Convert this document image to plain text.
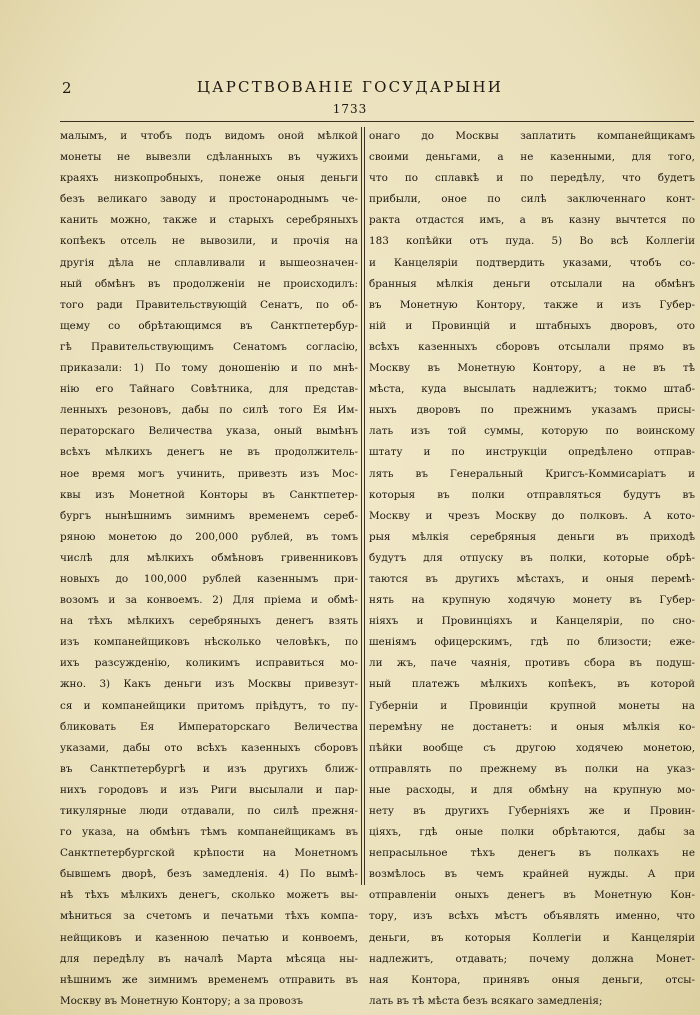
2	ЦАРСТВОВАНІЕ ГОСУДАРЫНИ
1733
малымъ, и чтобъ подъ видомъ оной мѣлкой
монеты не вывезли сдѣланныхъ въ чужихъ
краяхъ низкопробныхъ, понеже оныя деньги
безъ великаго заводу и простонароднымъ че-
канить можно, также и старыхъ серебряныхъ
копѣекъ отсель не вывозили, и прочія на
другія дѣла не сплавливали и вышеозначен-
ный обмѣнъ въ продолженіи не происходилъ:
того ради Правительствующій Сенатъ, по об-
щему со обрѣтающимся въ Санктпетербур-
гѣ Правительствующимъ Сенатомъ согласію,
приказали: 1) По тому доношенію и по мнѣ-
нію его Тайнаго Совѣтника, для представ-
ленныхъ резоновъ, дабы по силѣ того Ея Им-
ператорскаго Величества указа, оный вымѣнъ
всѣхъ мѣлкихъ денегъ не въ продолжитель-
ное время могъ учинить, привезть изъ Мос-
квы изъ Монетной Конторы въ Санктпетер-
бургъ нынѣшнимъ зимнимъ временемъ сереб-
ряною монетою до 200,000 рублей, въ томъ
числѣ для мѣлкихъ обмѣновъ гривенниковъ
новыхъ до 100,000 рублей казеннымъ при-
возомъ и за конвоемъ. 2) Для пріема и обмѣ-
на тѣхъ мѣлкихъ серебряныхъ денегъ взять
изъ компанейщиковъ нѣсколько человѣкъ, по
ихъ разсужденію, коликимъ исправиться мо-
жно. 3) Какъ деньги изъ Москвы привезут-
ся и компанейщики притомъ прiѣдутъ, то пу-
бликовать Ея Императорскаго Величества
указами, дабы ото всѣхъ казенныхъ сборовъ
въ Санктпетербургѣ и изъ другихъ ближ-
нихъ городовъ и изъ Риги высылали и пар-
тикулярные люди отдавали, по силѣ прежня-
го указа, на обмѣнъ тѣмъ компанейщикамъ въ
Санктпетербургской крѣпости на Монетномъ
бывшемъ дворѣ, безъ замедленія. 4) По вымѣ-
нѣ тѣхъ мѣлкихъ денегъ, сколько можетъ вы-
мѣниться за счетомъ и печатьми тѣхъ компа-
нейщиковъ и казенною печатью и конвоемъ,
для передѣлу въ началѣ Марта мѣсяца ны-
нѣшнимъ же зимнимъ временемъ отправить въ
Москву въ Монетную Контору; а за провозъ
онаго до Москвы заплатить компанейщикамъ
своими деньгами, а не казенными, для того,
что по сплавкѣ и по передѣлу, что будетъ
прибыли, оное по силѣ заключеннаго конт-
ракта отдастся имъ, а въ казну вычтется по
183 копѣйки отъ пуда. 5) Во всѣ Коллегіи
и Канцелярiи подтвердить указами, чтобъ со-
бранныя мѣлкія деньги отсылали на обмѣнъ
въ Монетную Контору, также и изъ Губер-
ній и Провинцій и штабныхъ дворовъ, ото
всѣхъ казенныхъ сборовъ отсылали прямо въ
Москву въ Монетную Контору, а не въ тѣ
мѣста, куда высылать надлежитъ; токмо штаб-
ныхъ дворовъ по прежнимъ указамъ присы-
лать изъ той суммы, которую по воинскому
штату и по инструкціи опредѣлено отправ-
лять въ Генеральный Кригсъ-Коммисаріатъ и
которыя въ полки отправляться будутъ въ
Москву и чрезъ Москву до полковъ. А кото-
рыя мѣлкія серебряныя деньги въ приходѣ
будутъ для отпуску въ полки, которые обрѣ-
таются въ другихъ мѣстахъ, и оныя перемѣ-
нять на крупную ходячую монету въ Губер-
ніяхъ и Провинціяхъ и Канцеляріи, по сно-
шенiямъ офицерскимъ, гдѣ по близости; еже-
ли жъ, паче чаянія, противъ сбора въ подуш-
ный платежъ мѣлкихъ копѣекъ, въ которой
Губерніи и Провинціи крупной монеты на
перемѣну не достанетъ: и оныя мѣлкія ко-
пѣйки вообще съ другою ходячею монетою,
отправлять по прежнему въ полки на указ-
ные расходы, и для обмѣну на крупную мо-
нету въ другихъ Губерніяхъ же и Провин-
ціяхъ, гдѣ оные полки обрѣтаются, дабы за
непрасыльное тѣхъ денегъ въ полкахъ не
возмѣлось въ чемъ крайней нужды. А при
отправленіи оныхъ денегъ въ Монетную Кон-
тору, изъ всѣхъ мѣстъ объявлять именно, что
деньги, въ которыя Коллегiи и Канцеляріи
надлежитъ, отдавать; почему должна Монет-
ная Контора, принявъ оныя деньги, отсы-
лать въ тѣ мѣста безъ всякаго замедленія;
